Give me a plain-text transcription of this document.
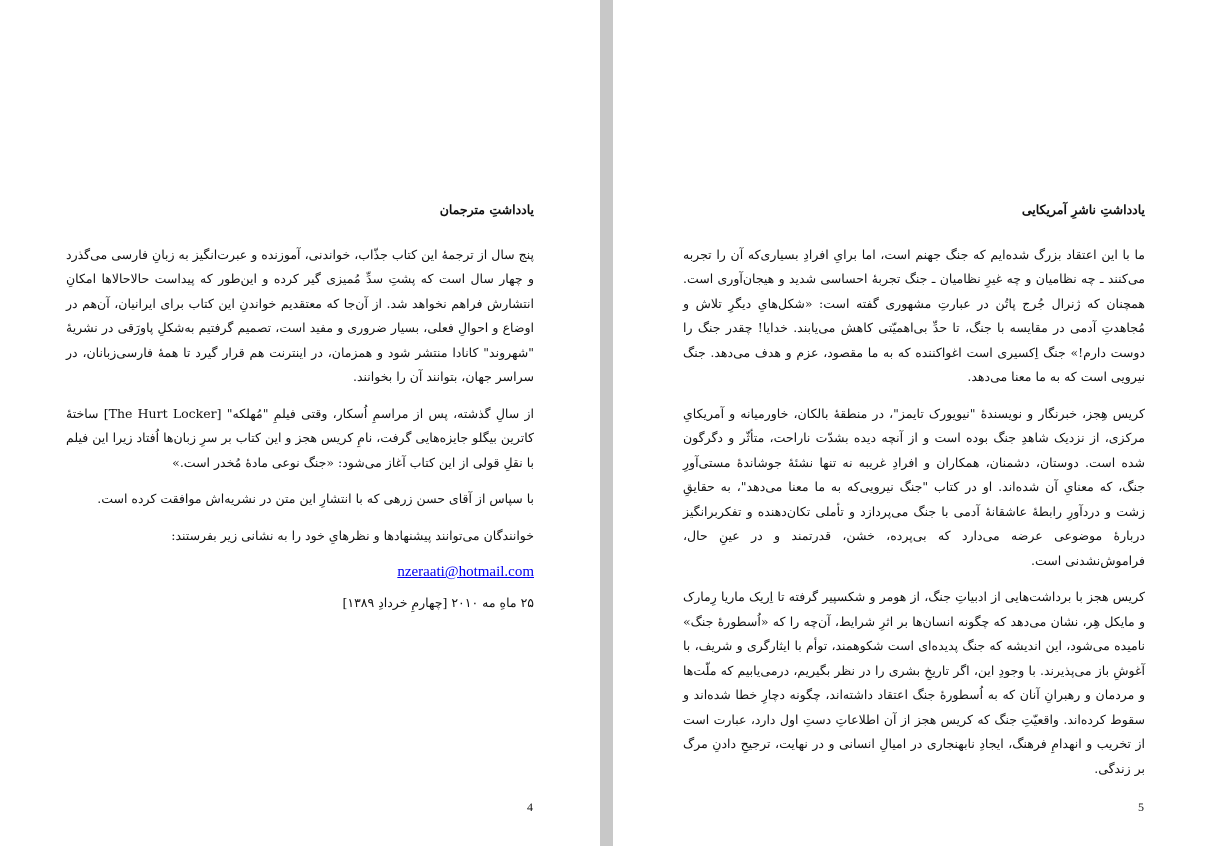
یادداشتِ مترجمان

پنج سال از ترجمهٔ این کتاب جذّاب، خواندنی، آموزنده و عبرت‌انگیز به زبانِ فارسی می‌گذرد و چهار سال است که پشتِ سدِّ مُمیزی گیر کرده و این‌طور که پیداست حالاحالاها امکانِ انتشارش فراهم نخواهد شد. از آن‌جا که معتقدیم خواندنِ این کتاب برای ایرانیان، آن‌هم در اوضاع و احوالِ فعلی، بسیار ضروری و مفید است، تصمیم گرفتیم به‌شکلِ پاورَقی در نشریهٔ "شهروند" کانادا منتشر شود و همزمان، در اینترنت هم قرار گیرد تا همهٔ فارسی‌زبانان، در سراسر جهان، بتوانند آن را بخوانند.

از سالِ گذشته، پس از مراسمِ اُسکار، وقتی فیلمِ "مُهلکه" [The Hurt Locker] ساختهٔ کاترین بیگلو جایزه‌هایی گرفت، نامِ کریس هجز و این کتاب بر سرِ زبان‌ها اُفتاد زیرا این فیلم با نقلِ قولی از این کتاب آغاز می‌شود: «جنگ نوعی مادهٔ مُخدر است.»

با سپاس از آقای حسن زرهی که با انتشارِ این متن در نشریه‌اش موافقت کرده است.

خوانندگان می‌توانند پیشنهادها و نظرهایِ خود را به نشانی زیر بفرستند:

nzeraati@hotmail.com

۲۵ ماهِ مه ۲۰۱۰ [چهارمِ خردادِ ۱۳۸۹]

4

یادداشتِ ناشرِ آمریکایی

ما با این اعتقاد بزرگ شده‌ایم که جنگ جهنم است، اما برایِ افرادِ بسیاری‌که آن را تجربه می‌کنند ـ چه نظامیان و چه غیرِ نظامیان ـ جنگ تجربهٔ احساسی شدید و هیجان‌آوری است. همچنان که ژنرال جُرج پاتُن در عبارتِ مشهوری گفته است: «شکل‌هایِ دیگرِ تلاش و مُجاهدتِ آدمی در مقایسه با جنگ، تا حدِّ بی‌اهمیّتی کاهش می‌یابند. خدایا! چقدر جنگ را دوست دارم!» جنگ اِکسیری است اغواکننده که به ما مقصود، عزم و هدف می‌دهد. جنگ نیرویی است که به ما معنا می‌دهد.

کریس هِجز، خبرنگار و نویسندهٔ "نیویورک تایمز"، در منطقهٔ بالکان، خاورمیانه و آمریکایِ مرکزی، از نزدیک شاهدِ جنگ بوده است و از آنچه دیده بشدّت ناراحت، متأثّر و دگرگون شده است. دوستان، دشمنان، همکاران و افرادِ غریبه نه تنها نشئهٔ جوشاندهٔ مستی‌آورِ جنگ، که معنایِ آن شده‌اند. او در کتاب "جنگ نیرویی‌که به ما معنا می‌دهد"، به حقایقِ زشت و دردآورِ رابطهٔ عاشقانهٔ آدمی با جنگ می‌پردازد و تأملی تکان‌دهنده و تفکربرانگیز دربارهٔ موضوعی عرضه می‌دارد که بی‌پرده، خشن، قدرتمند و در عینِ حال، فراموش‌نشدنی است.

کریس هجز با برداشت‌هایی از ادبیاتِ جنگ، از هومر و شکسپیر گرفته تا اِریک ماریا رِمارک و مایکل هِر، نشان می‌دهد که چگونه انسان‌ها بر اثرِ شرایط، آن‌چه را که «اُسطورهٔ جنگ» نامیده می‌شود، این اندیشه که جنگ پدیده‌ای است شکوهمند، توأم با ایثارگری و شریف، با آغوشِ باز می‌پذیرند. با وجودِ این، اگر تاریخِ بشری را در نظر بگیریم، درمی‌یابیم که ملّت‌ها و مردمان و رهبرانِ آنان که به اُسطورهٔ جنگ اعتقاد داشته‌اند، چگونه دچارِ خطا شده‌اند و سقوط کرده‌اند. واقعیّتِ جنگ که کریس هجز از آن اطلاعاتِ دستِ اول دارد، عبارت است از تخریب و انهدامِ فرهنگ، ایجادِ نابهنجاری در امیالِ انسانی و در نهایت، ترجیحِ دادنِ مرگ بر زندگی.

5
